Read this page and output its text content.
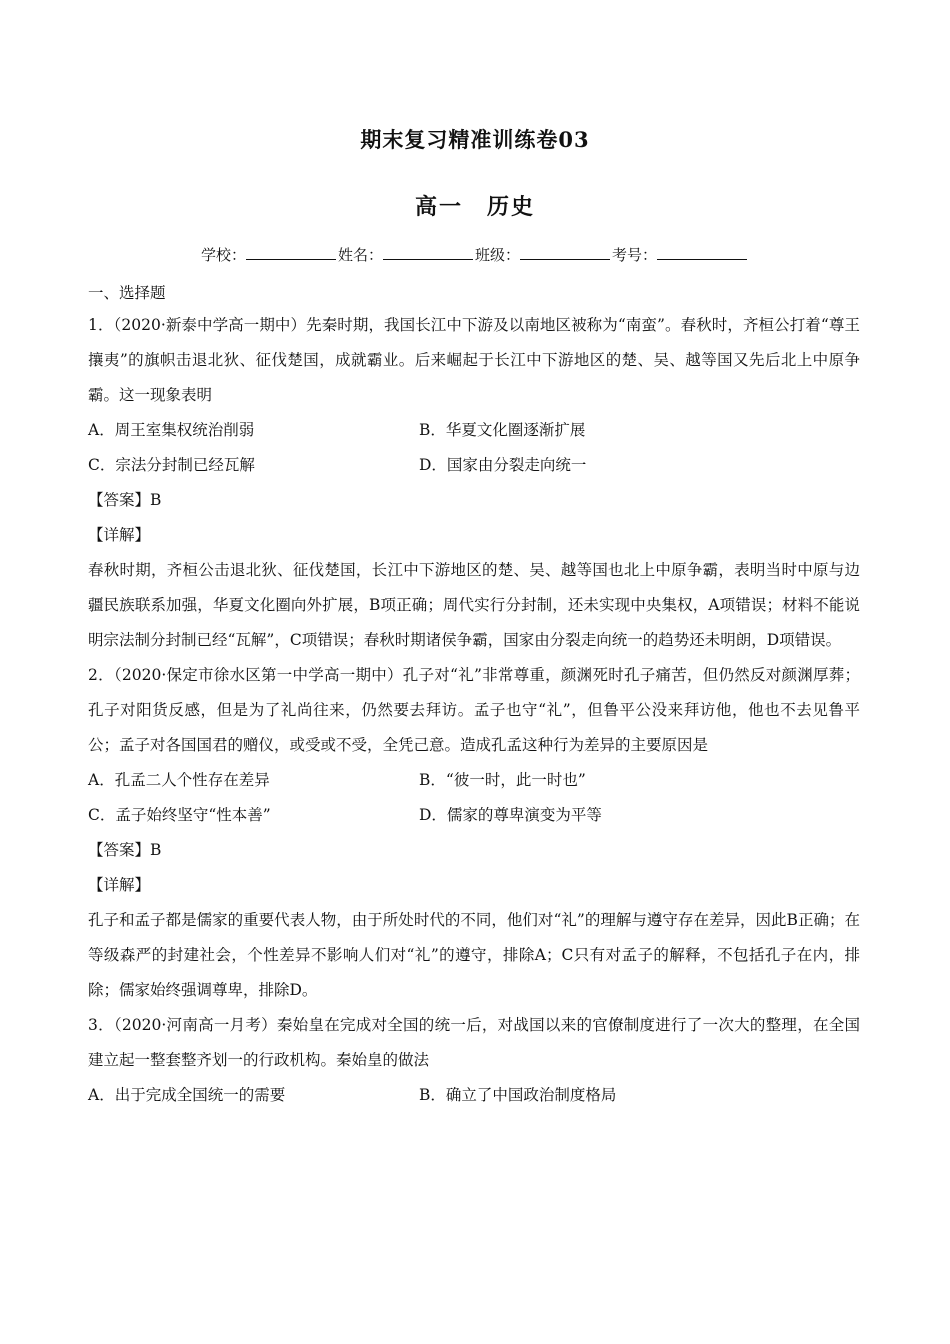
期末复习精准训练卷03
高一　历史
学校：	姓名：	班级：	考号：
一、选择题
1．（2020·新泰中学高一期中）先秦时期，我国长江中下游及以南地区被称为“南蛮”。春秋时，齐桓公打着“尊王攘夷”的旗帜击退北狄、征伐楚国，成就霸业。后来崛起于长江中下游地区的楚、吴、越等国又先后北上中原争霸。这一现象表明
A．周王室集权统治削弱	B．华夏文化圈逐渐扩展
C．宗法分封制已经瓦解	D．国家由分裂走向统一
【答案】B
【详解】
春秋时期，齐桓公击退北狄、征伐楚国，长江中下游地区的楚、吴、越等国也北上中原争霸，表明当时中原与边疆民族联系加强，华夏文化圈向外扩展，B项正确；周代实行分封制，还未实现中央集权，A项错误；材料不能说明宗法制分封制已经“瓦解”，C项错误；春秋时期诸侯争霸，国家由分裂走向统一的趋势还未明朗，D项错误。
2．（2020·保定市徐水区第一中学高一期中）孔子对“礼”非常尊重，颜渊死时孔子痛苦，但仍然反对颜渊厚葬；孔子对阳货反感，但是为了礼尚往来，仍然要去拜访。孟子也守“礼”，但鲁平公没来拜访他，他也不去见鲁平公；孟子对各国国君的赠仪，或受或不受，全凭己意。造成孔孟这种行为差异的主要原因是
A．孔孟二人个性存在差异	B．“彼一时，此一时也”
C．孟子始终坚守“性本善”	D．儒家的尊卑演变为平等
【答案】B
【详解】
孔子和孟子都是儒家的重要代表人物，由于所处时代的不同，他们对“礼”的理解与遵守存在差异，因此B正确；在等级森严的封建社会，个性差异不影响人们对“礼”的遵守，排除A；C只有对孟子的解释，不包括孔子在内，排除；儒家始终强调尊卑，排除D。
3．（2020·河南高一月考）秦始皇在完成对全国的统一后，对战国以来的官僚制度进行了一次大的整理，在全国建立起一整套整齐划一的行政机构。秦始皇的做法
A．出于完成全国统一的需要	B．确立了中国政治制度格局
